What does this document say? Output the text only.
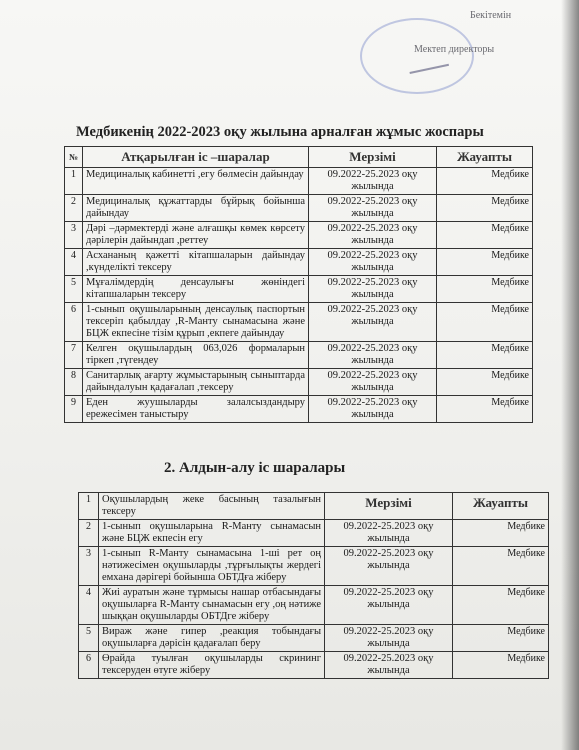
Бекітемін
Мектеп директоры
Медбикенің 2022-2023 оқу жылына арналған жұмыс жоспары
№	Атқарылған іс –шаралар	Мерзімі	Жауапты
1	Медициналық кабинетті ,егу бөлмесін дайындау	09.2022-25.2023 оқу жылында	Медбике
2	Медициналық құжаттарды бұйрық бойынша дайындау	09.2022-25.2023 оқу жылында	Медбике
3	Дәрі –дәрмектерді және алғашқы көмек көрсету дәрілерін дайындап ,реттеу	09.2022-25.2023 оқу жылында	Медбике
4	Асхананың қажетті кітапшаларын дайындау ,күнделікті тексеру	09.2022-25.2023 оқу жылында	Медбике
5	Мұғалімдердің денсаулығы жөніндегі кітапшаларын тексеру	09.2022-25.2023 оқу жылында	Медбике
6	1-сынып оқушыларының денсаулық паспортын тексеріп қабылдау ,R-Манту сынамасына және БЦЖ екпесіне тізім құрып ,екпеге дайындау	09.2022-25.2023 оқу жылында	Медбике
7	Келген оқушылардың 063,026 формаларын тіркеп ,түгендеу	09.2022-25.2023 оқу жылында	Медбике
8	Санитарлық ағарту жұмыстарының сыныптарда дайындалуын қадағалап ,тексеру	09.2022-25.2023 оқу жылында	Медбике
9	Еден жуушыларды залалсыздандыру ережесімен таныстыру	09.2022-25.2023 оқу жылында	Медбике
2. Алдын-алу іс шаралары
1	Оқушылардың жеке басының тазалығын тексеру	Мерзімі	Жауапты
2	1-сынып оқушыларына R-Манту сынамасын және БЦЖ екпесін егу	09.2022-25.2023 оқу жылында	Медбике
3	1-сынып R-Манту сынамасына 1-ші рет оң нәтижесімен оқушыларды ,тұрғылықты жердегі емхана дәрігері бойынша ОБТДға жіберу	09.2022-25.2023 оқу жылында	Медбике
4	Жиі ауратын және тұрмысы нашар отбасындағы оқушыларға R-Манту сынамасын егу ,оң нәтиже шыққан оқушыларды ОБТДге жіберу	09.2022-25.2023 оқу жылында	Медбике
5	Вираж және гипер ,реакция тобындағы оқушыларға дәрісін қадағалап беру	09.2022-25.2023 оқу жылында	Медбике
6	Өрайда туылған оқушыларды скрининг тексеруден өтуге жіберу	09.2022-25.2023 оқу жылында	Медбике
